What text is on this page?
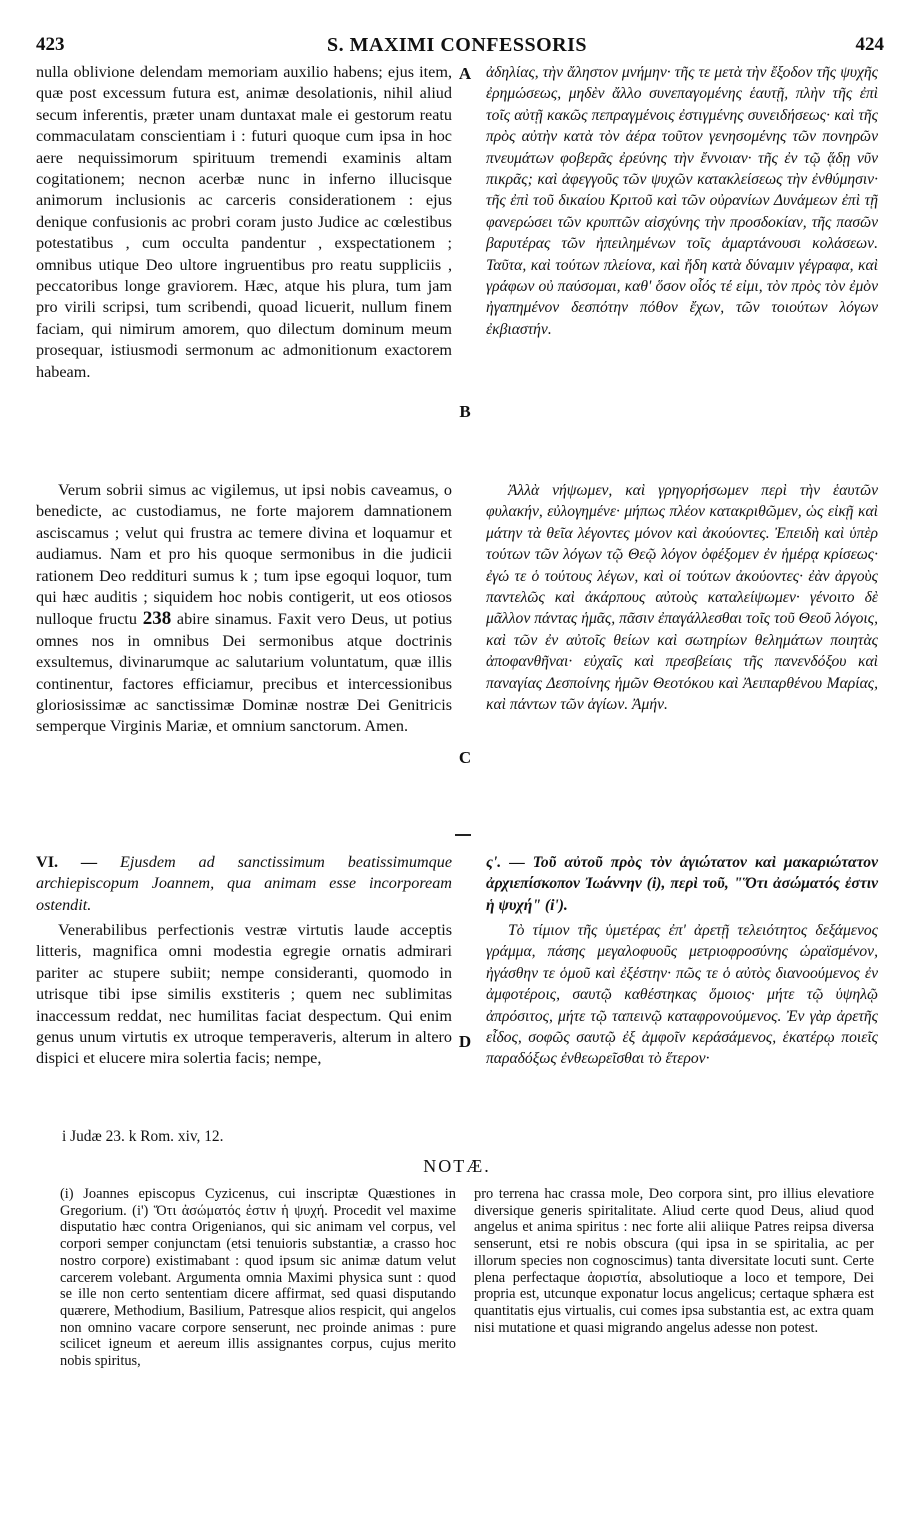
423	S. MAXIMI CONFESSORIS	424
A
B
C
D

nulla oblivione delendam memoriam auxilio habens; ejus item, quæ post excessum futura est, animæ desolationis, nihil aliud secum inferentis, præter unam duntaxat male ei gestorum reatu commaculatam conscientiam i : futuri quoque cum ipsa in hoc aere nequissimorum spirituum tremendi examinis altam cogitationem; necnon acerbæ nunc in inferno illucisque animorum inclusionis ac carceris considerationem : ejus denique confusionis ac probri coram justo Judice ac cœlestibus potestatibus , cum occulta pandentur , exspectationem ; omnibus utique Deo ultore ingruentibus pro reatu suppliciis , peccatoribus longe graviorem. Hæc, atque his plura, tum jam pro virili scripsi, tum scribendi, quoad licuerit, nullum finem faciam, qui nimirum amorem, quo dilectum dominum meum prosequar, istiusmodi sermonum ac admonitionum exactorem habeam.

Verum sobrii simus ac vigilemus, ut ipsi nobis caveamus, o benedicte, ac custodiamus, ne forte majorem damnationem asciscamus ; velut qui frustra ac temere divina et loquamur et audiamus. Nam et pro his quoque sermonibus in die judicii rationem Deo reddituri sumus k ; tum ipse egoqui loquor, tum qui hæc auditis ; siquidem hoc nobis contigerit, ut eos otiosos nulloque fructu 238 abire sinamus. Faxit vero Deus, ut potius omnes nos in omnibus Dei sermonibus atque doctrinis exsultemus, divinarumque ac salutarium voluntatum, quæ illis continentur, factores efficiamur, precibus et intercessionibus gloriosissimæ ac sanctissimæ Dominæ nostræ Dei Genitricis semperque Virginis Mariæ, et omnium sanctorum. Amen.

VI. — Ejusdem ad sanctissimum beatissimumque archiepiscopum Joannem, qua animam esse incorpoream ostendit.

Venerabilibus perfectionis vestræ virtutis laude acceptis litteris, magnifica omni modestia egregie ornatis admirari pariter ac stupere subiit; nempe consideranti, quomodo in utrisque tibi ipse similis exstiteris ; quem nec sublimitas inaccessum reddat, nec humilitas faciat despectum. Qui enim genus unum virtutis ex utroque temperaveris, alterum in altero dispici et elucere mira solertia facis; nempe,

ἀδηλίας, τὴν ἄληστον μνήμην· τῆς τε μετὰ τὴν ἔξοδον τῆς ψυχῆς ἐρημώσεως, μηδὲν ἄλλο συνεπαγομένης ἑαυτῇ, πλὴν τῆς ἐπὶ τοῖς αὐτῇ κακῶς πεπραγμένοις ἐστιγμένης συνειδήσεως· καὶ τῆς πρὸς αὐτὴν κατὰ τὸν ἀέρα τοῦτον γενησομένης τῶν πονηρῶν πνευμάτων φοβερᾶς ἐρεύνης τὴν ἔννοιαν· τῆς ἐν τῷ ᾅδῃ νῦν πικρᾶς; καὶ ἀφεγγοῦς τῶν ψυχῶν κατακλείσεως τὴν ἐνθύμησιν· τῆς ἐπὶ τοῦ δικαίου Κριτοῦ καὶ τῶν οὐρανίων Δυνάμεων ἐπὶ τῇ φανερώσει τῶν κρυπτῶν αἰσχύνης τὴν προσδοκίαν, τῆς πασῶν βαρυτέρας τῶν ἠπειλημένων τοῖς ἁμαρτάνουσι κολάσεων. Ταῦτα, καὶ τούτων πλείονα, καὶ ἤδη κατὰ δύναμιν γέγραφα, καὶ γράφων οὐ παύσομαι, καθ' ὅσον οἷός τέ εἰμι, τὸν πρὸς τὸν ἐμὸν ἠγαπημένον δεσπότην πόθον ἔχων, τῶν τοιούτων λόγων ἐκβιαστήν.

Ἀλλὰ νήψωμεν, καὶ γρηγορήσωμεν περὶ τὴν ἑαυτῶν φυλακήν, εὐλογημένε· μήπως πλέον κατακριθῶμεν, ὡς εἰκῇ καὶ μάτην τὰ θεῖα λέγοντες μόνον καὶ ἀκούοντες. Ἐπειδὴ καὶ ὑπὲρ τούτων τῶν λόγων τῷ Θεῷ λόγον ὀφέξομεν ἐν ἡμέρᾳ κρίσεως· ἐγώ τε ὁ τούτους λέγων, καὶ οἱ τούτων ἀκούοντες· ἐὰν ἀργοὺς παντελῶς καὶ ἀκάρπους αὐτοὺς καταλείψωμεν· γένοιτο δὲ μᾶλλον πάντας ἡμᾶς, πᾶσιν ἐπαγάλλεσθαι τοῖς τοῦ Θεοῦ λόγοις, καὶ τῶν ἐν αὐτοῖς θείων καὶ σωτηρίων θελημάτων ποιητὰς ἀποφανθῆναι· εὐχαῖς καὶ πρεσβείαις τῆς πανενδόξου καὶ παναγίας Δεσποίνης ἡμῶν Θεοτόκου καὶ Ἀειπαρθένου Μαρίας, καὶ πάντων τῶν ἁγίων. Ἀμήν.

ς'. — Τοῦ αὐτοῦ πρὸς τὸν ἁγιώτατον καὶ μακαριώτατον ἀρχιεπίσκοπον Ἰωάννην (i), περὶ τοῦ, "Ὅτι ἀσώματός ἐστιν ἡ ψυχή" (i').

Τὸ τίμιον τῆς ὑμετέρας ἐπ' ἀρετῇ τελειότητος δεξάμενος γράμμα, πάσης μεγαλοφυοῦς μετριοφροσύνης ὡραϊσμένον, ἠγάσθην τε ὁμοῦ καὶ ἐξέστην· πῶς τε ὁ αὐτὸς διανοούμενος ἐν ἀμφοτέροις, σαυτῷ καθέστηκας ὅμοιος· μήτε τῷ ὑψηλῷ ἀπρόσιτος, μήτε τῷ ταπεινῷ καταφρονούμενος. Ἐν γὰρ ἀρετῆς εἶδος, σοφῶς σαυτῷ ἐξ ἀμφοῖν κεράσάμενος, ἑκατέρῳ ποιεῖς παραδόξως ἐνθεωρεῖσθαι τὸ ἕτερον·

i Judæ 23. k Rom. xiv, 12.
NOTÆ.

(i) Joannes episcopus Cyzicenus, cui inscriptæ Quæstiones in Gregorium. (i') Ὅτι ἀσώματός ἐστιν ἡ ψυχή. Procedit vel maxime disputatio hæc contra Origenianos, qui sic animam vel corpus, vel corpori semper conjunctam (etsi tenuioris substantiæ, a crasso hoc nostro corpore) existimabant : quod ipsum sic animæ datum velut carcerem volebant. Argumenta omnia Maximi physica sunt : quod se ille non certo sententiam dicere affirmat, sed quasi disputando quærere, Methodium, Basilium, Patresque alios respicit, qui angelos non omnino vacare corpore senserunt, nec proinde animas : pure scilicet igneum et aereum illis assignantes corpus, cujus merito nobis spiritus,

pro terrena hac crassa mole, Deo corpora sint, pro illius elevatiore diversique generis spiritalitate. Aliud certe quod Deus, aliud quod angelus et anima spiritus : nec forte alii aliique Patres reipsa diversa senserunt, etsi re nobis obscura (qui ipsa in se spiritalia, ac per illorum species non cognoscimus) tanta diversitate locuti sunt. Certe plena perfectaque ἀοριστία, absolutioque a loco et tempore, Dei propria est, utcunque exponatur locus angelicus; certaque sphæra est quantitatis ejus virtualis, cui comes ipsa substantia est, ac extra quam nisi mutatione et quasi migrando angelus adesse non potest.
